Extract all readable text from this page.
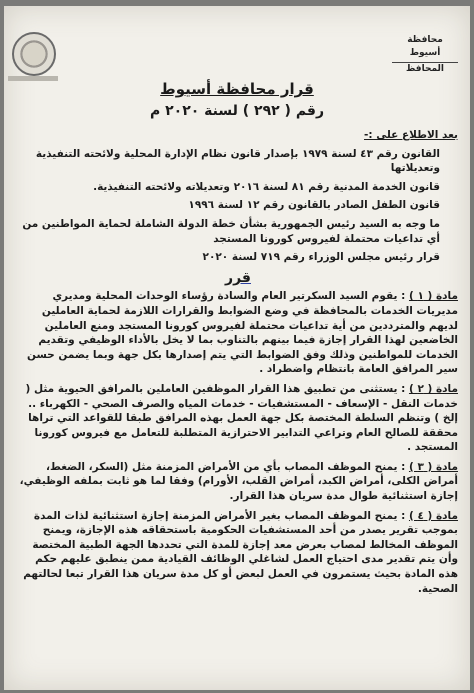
محافظة أسيوط
المحافظ
قرار محافظة أسيوط
رقم ( ٢٩٢ ) لسنة ٢٠٢٠ م

بعد الاطلاع على :-

القانون رقم ٤٣ لسنة ١٩٧٩ بإصدار قانون نظام الإدارة المحلية ولائحته التنفيذية وتعديلاتها

قانون الخدمة المدنية رقم ٨١ لسنة ٢٠١٦ وتعديلاته ولائحته التنفيذية.

قانون الطفل الصادر بالقانون رقم ١٢ لسنة ١٩٩٦

ما وجه به السيد رئيس الجمهورية بشأن خطة الدولة الشاملة لحماية المواطنين من أي تداعيات محتملة لفيروس كورونا المستجد

قرار رئيس مجلس الوزراء رقم ٧١٩ لسنة ٢٠٢٠

قرر

مادة ( ١ ) : يقوم السيد السكرتير العام والسادة رؤساء الوحدات المحلية ومديري مديريات الخدمات بالمحافظة في وضع الضوابط والقرارات اللازمة لحماية العاملين لديهم والمترددين من أية تداعيات محتملة لفيروس كورونا المستجد ومنع العاملين الخاضعين لهذا القرار إجازة فيما بينهم بالتناوب بما لا يخل بالأداء الوظيفي وتقديم الخدمات للمواطنين وذلك وفق الضوابط التي يتم إصدارها بكل جهة وبما يضمن حسن سير المرافق العامة بانتظام واضطراد .

مادة ( ٢ ) : يستثنى من تطبيق هذا القرار الموظفين العاملين بالمرافق الحيوية مثل ( خدمات النقل - الإسعاف - المستشفيات - خدمات المياه والصرف الصحي - الكهرباء .. إلخ ) وتنظم السلطة المختصة بكل جهة العمل بهذه المرافق طبقا للقواعد التي تراها محققة للصالح العام وتراعي التدابير الاحترازية المتطلبة للتعامل مع فيروس كورونا المستجد .

مادة ( ٣ ) : يمنح الموظف المصاب بأي من الأمراض المزمنة مثل (السكر، الضغط، أمراض الكلى، أمراض الكبد، أمراض القلب، الأورام) وفقا لما هو ثابت بملفه الوظيفي، إجازة استثنائية طوال مدة سريان هذا القرار.

مادة ( ٤ ) : يمنح الموظف المصاب بغير الأمراض المزمنة إجازة استثنائية لذات المدة بموجب تقرير يصدر من أحد المستشفيات الحكومية باستحقاقه هذه الإجازة، ويمنح الموظف المخالط لمصاب بعرض معد إجازة للمدة التي تحددها الجهة الطبية المختصة وأن يتم تقدير مدى احتياج العمل لشاغلي الوظائف القيادية ممن ينطبق عليهم حكم هذه المادة بحيث يستمرون في العمل لبعض أو كل مدة سريان هذا القرار تبعا لحالتهم الصحية.
